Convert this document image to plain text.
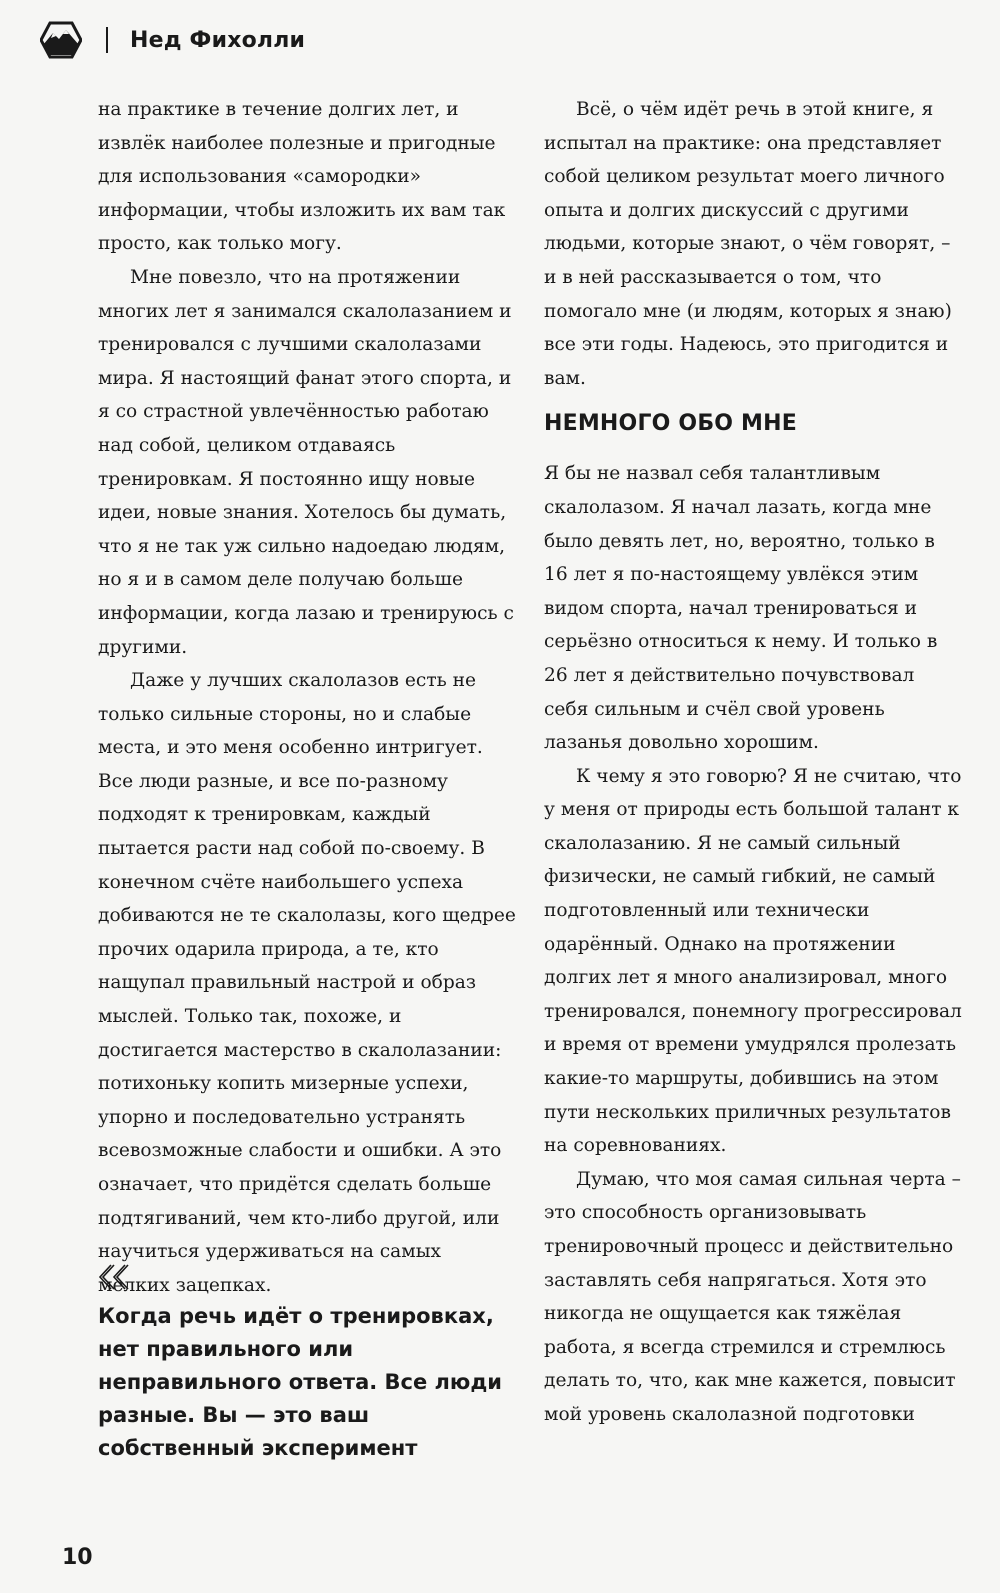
Нед Фихолли

на практике в течение долгих лет, и извлёк наиболее полезные и пригодные для использования «самородки» информации, чтобы изложить их вам так просто, как только могу.

Мне повезло, что на протяжении многих лет я занимался скалолазанием и тренировался с лучшими скалолазами мира. Я настоящий фанат этого спорта, и я со страстной увлечённостью работаю над собой, целиком отдаваясь тренировкам. Я постоянно ищу новые идеи, новые знания. Хотелось бы думать, что я не так уж сильно надоедаю людям, но я и в самом деле получаю больше информации, когда лазаю и тренируюсь с другими.

Даже у лучших скалолазов есть не только сильные стороны, но и слабые места, и это меня особенно интригует. Все люди разные, и все по-разному подходят к тренировкам, каждый пытается расти над собой по-своему. В конечном счёте наибольшего успеха добиваются не те скалолазы, кого щедрее прочих одарила природа, а те, кто нащупал правильный настрой и образ мыслей. Только так, похоже, и достигается мастерство в скалолазании: потихоньку копить мизерные успехи, упорно и последовательно устранять всевозможные слабости и ошибки. А это означает, что придётся сделать больше подтягиваний, чем кто-либо другой, или научиться удерживаться на самых мелких зацепках.

Когда речь идёт о тренировках, нет правильного или неправильного ответа. Все люди разные. Вы — это ваш собственный эксперимент

Всё, о чём идёт речь в этой книге, я испытал на практике: она представляет собой целиком результат моего личного опыта и долгих дискуссий с другими людьми, которые знают, о чём говорят, – и в ней рассказывается о том, что помогало мне (и людям, которых я знаю) все эти годы. Надеюсь, это пригодится и вам.

НЕМНОГО ОБО МНЕ

Я бы не назвал себя талантливым скалолазом. Я начал лазать, когда мне было девять лет, но, вероятно, только в 16 лет я по-настоящему увлёкся этим видом спорта, начал тренироваться и серьёзно относиться к нему. И только в 26 лет я действительно почувствовал себя сильным и счёл свой уровень лазанья довольно хорошим.

К чему я это говорю? Я не считаю, что у меня от природы есть большой талант к скалолазанию. Я не самый сильный физически, не самый гибкий, не самый подготовленный или технически одарённый. Однако на протяжении долгих лет я много анализировал, много тренировался, понемногу прогрессировал и время от времени умудрялся пролезать какие-то маршруты, добившись на этом пути нескольких приличных результатов на соревнованиях.

Думаю, что моя самая сильная черта – это способность организовывать тренировочный процесс и действительно заставлять себя напрягаться. Хотя это никогда не ощущается как тяжёлая работа, я всегда стремился и стремлюсь делать то, что, как мне кажется, повысит мой уровень скалолазной подготовки

10
